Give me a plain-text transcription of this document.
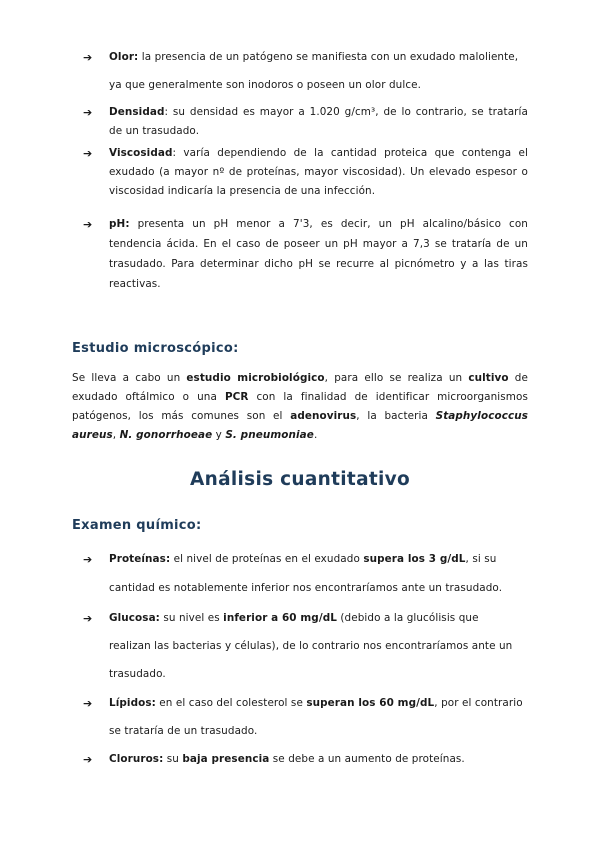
➔ Olor: la presencia de un patógeno se manifiesta con un exudado maloliente,
ya que generalmente son inodoros o poseen un olor dulce.
➔ Densidad: su densidad es mayor a 1.020 g/cm³, de lo contrario, se trataría
de un trasudado.
➔ Viscosidad: varía dependiendo de la cantidad proteica que contenga el
exudado (a mayor nº de proteínas, mayor viscosidad). Un elevado espesor o
viscosidad indicaría la presencia de una infección.
➔ pH: presenta un pH menor a 7'3, es decir, un pH alcalino/básico con
tendencia ácida. En el caso de poseer un pH mayor a 7,3 se trataría de un
trasudado. Para determinar dicho pH se recurre al picnómetro y a las tiras
reactivas.
Estudio microscópico:
Se lleva a cabo un estudio microbiológico, para ello se realiza un cultivo de
exudado oftálmico o una PCR con la finalidad de identificar microorganismos
patógenos, los más comunes son el adenovirus, la bacteria Staphylococcus
aureus, N. gonorrhoeae y S. pneumoniae.
Análisis cuantitativo
Examen químico:
➔ Proteínas: el nivel de proteínas en el exudado supera los 3 g/dL, si su
cantidad es notablemente inferior nos encontraríamos ante un trasudado.
➔ Glucosa: su nivel es inferior a 60 mg/dL (debido a la glucólisis que
realizan las bacterias y células), de lo contrario nos encontraríamos ante un
trasudado.
➔ Lípidos: en el caso del colesterol se superan los 60 mg/dL, por el contrario
se trataría de un trasudado.
➔ Cloruros: su baja presencia se debe a un aumento de proteínas.
